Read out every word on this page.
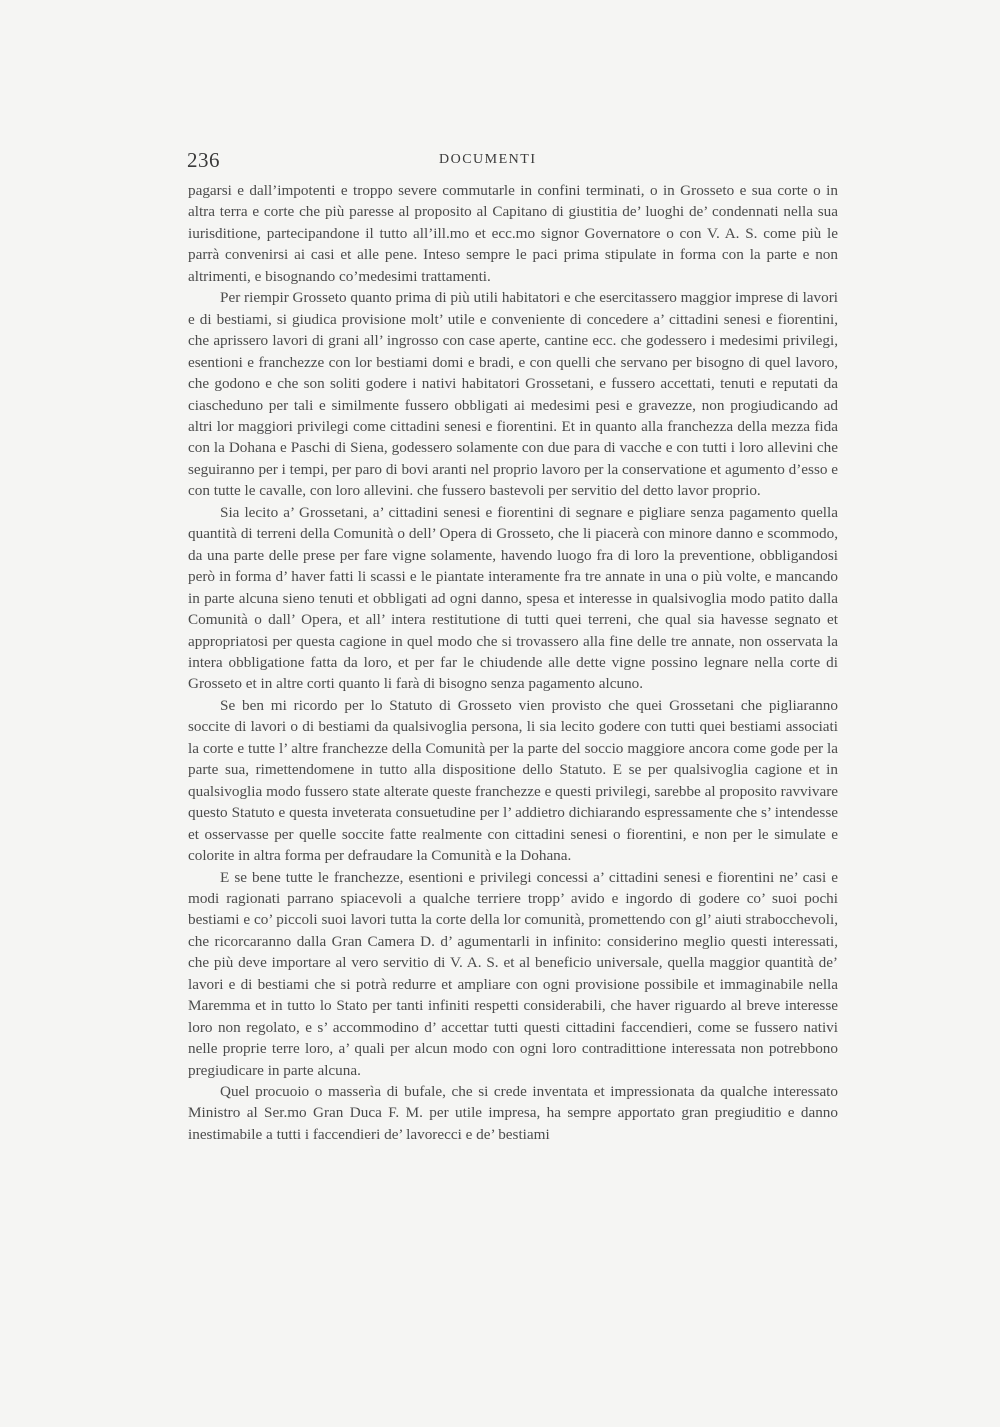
236	DOCUMENTI

pagarsi e dall’impotenti e troppo severe commutarle in confini terminati, o in Grosseto e sua corte o in altra terra e corte che più paresse al proposito al Capitano di giustitia de’ luoghi de’ condennati nella sua iurisditione, partecipandone il tutto all’ill.mo et ecc.mo signor Governatore o con V. A. S. come più le parrà convenirsi ai casi et alle pene. Inteso sempre le paci prima stipulate in forma con la parte e non altrimenti, e bisognando co’medesimi trattamenti.

Per riempir Grosseto quanto prima di più utili habitatori e che esercitassero maggior imprese di lavori e di bestiami, si giudica provisione molt’ utile e conveniente di concedere a’ cittadini senesi e fiorentini, che aprissero lavori di grani all’ ingrosso con case aperte, cantine ecc. che godessero i medesimi privilegi, esentioni e franchezze con lor bestiami domi e bradi, e con quelli che servano per bisogno di quel lavoro, che godono e che son soliti godere i nativi habitatori Grossetani, e fussero accettati, tenuti e reputati da ciascheduno per tali e similmente fussero obbligati ai medesimi pesi e gravezze, non progiudicando ad altri lor maggiori privilegi come cittadini senesi e fiorentini. Et in quanto alla franchezza della mezza fida con la Dohana e Paschi di Siena, godessero solamente con due para di vacche e con tutti i loro allevini che seguiranno per i tempi, per paro di bovi aranti nel proprio lavoro per la conservatione et agumento d’esso e con tutte le cavalle, con loro allevini. che fussero bastevoli per servitio del detto lavor proprio.

Sia lecito a’ Grossetani, a’ cittadini senesi e fiorentini di segnare e pigliare senza pagamento quella quantità di terreni della Comunità o dell’ Opera di Grosseto, che li piacerà con minore danno e scommodo, da una parte delle prese per fare vigne solamente, havendo luogo fra di loro la preventione, obbligandosi però in forma d’ haver fatti li scassi e le piantate interamente fra tre annate in una o più volte, e mancando in parte alcuna sieno tenuti et obbligati ad ogni danno, spesa et interesse in qualsivoglia modo patito dalla Comunità o dall’ Opera, et all’ intera restitutione di tutti quei terreni, che qual sia havesse segnato et appropriatosi per questa cagione in quel modo che si trovassero alla fine delle tre annate, non osservata la intera obbligatione fatta da loro, et per far le chiudende alle dette vigne possino legnare nella corte di Grosseto et in altre corti quanto li farà di bisogno senza pagamento alcuno.

Se ben mi ricordo per lo Statuto di Grosseto vien provisto che quei Grossetani che pigliaranno soccite di lavori o di bestiami da qualsivoglia persona, li sia lecito godere con tutti quei bestiami associati la corte e tutte l’ altre franchezze della Comunità per la parte del soccio maggiore ancora come gode per la parte sua, rimettendomene in tutto alla dispositione dello Statuto. E se per qualsivoglia cagione et in qualsivoglia modo fussero state alterate queste franchezze e questi privilegi, sarebbe al proposito ravvivare questo Statuto e questa inveterata consuetudine per l’ addietro dichiarando espressamente che s’ intendesse et osservasse per quelle soccite fatte realmente con cittadini senesi o fiorentini, e non per le simulate e colorite in altra forma per defraudare la Comunità e la Dohana.

E se bene tutte le franchezze, esentioni e privilegi concessi a’ cittadini senesi e fiorentini ne’ casi e modi ragionati parrano spiacevoli a qualche terriere tropp’ avido e ingordo di godere co’ suoi pochi bestiami e co’ piccoli suoi lavori tutta la corte della lor comunità, promettendo con gl’ aiuti strabocchevoli, che ricorcaranno dalla Gran Camera D. d’ agumentarli in infinito: considerino meglio questi interessati, che più deve importare al vero servitio di V. A. S. et al beneficio universale, quella maggior quantità de’ lavori e di bestiami che si potrà redurre et ampliare con ogni provisione possibile et immaginabile nella Maremma et in tutto lo Stato per tanti infiniti respetti considerabili, che haver riguardo al breve interesse loro non regolato, e s’ accommodino d’ accettar tutti questi cittadini faccendieri, come se fussero nativi nelle proprie terre loro, a’ quali per alcun modo con ogni loro contradittione interessata non potrebbono pregiudicare in parte alcuna.

Quel procuoio o masserìa di bufale, che si crede inventata et impressionata da qualche interessato Ministro al Ser.mo Gran Duca F. M. per utile impresa, ha sempre apportato gran pregiuditio e danno inestimabile a tutti i faccendieri de’ lavorecci e de’ bestiami
